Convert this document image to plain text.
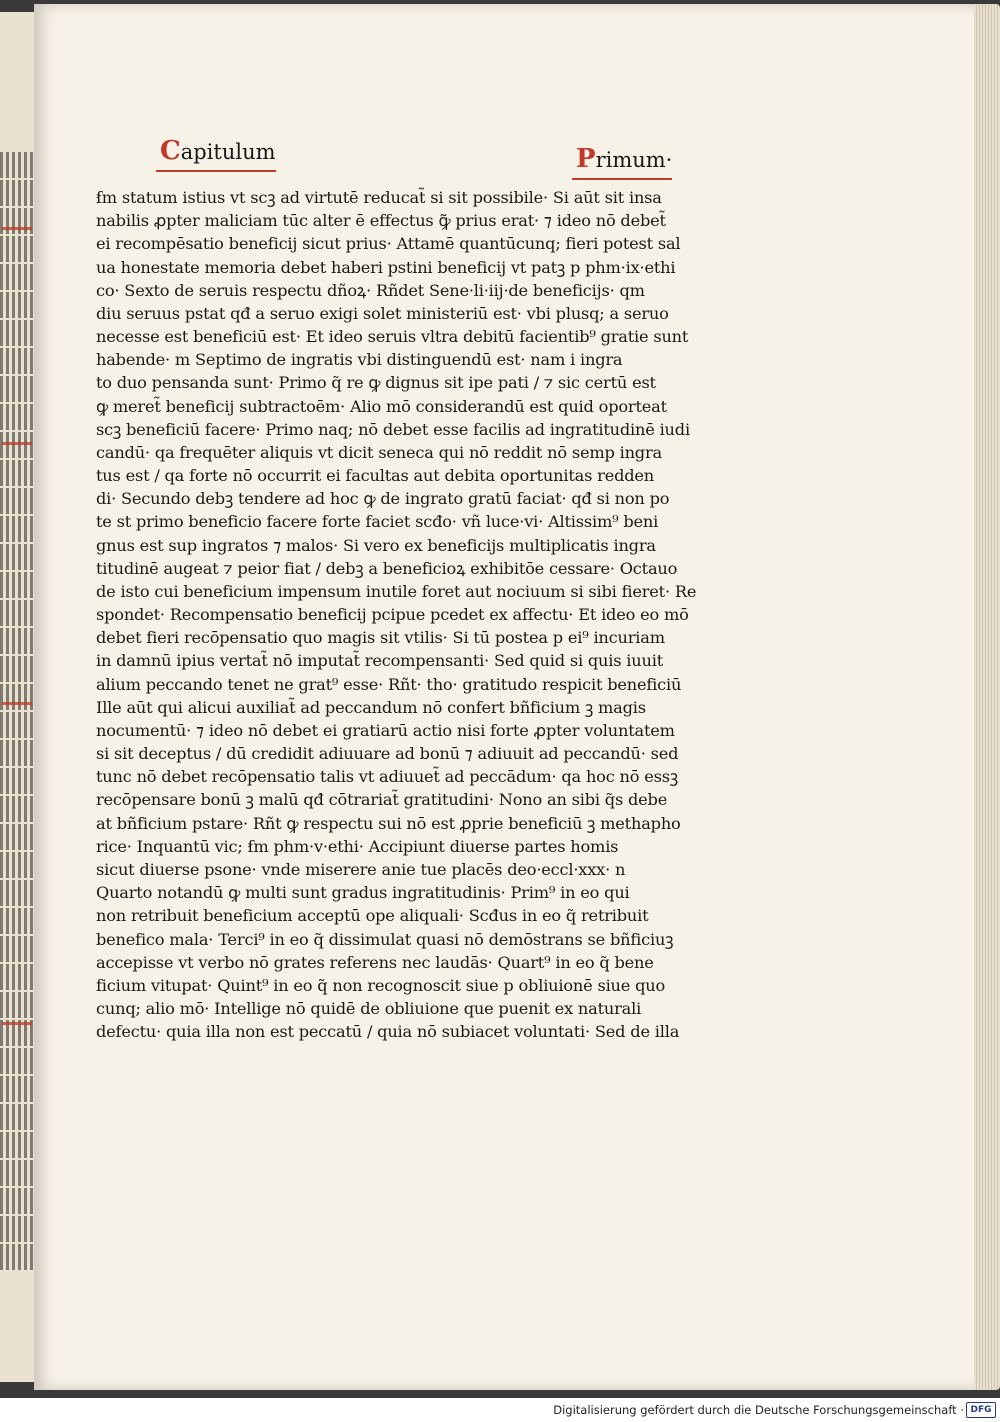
Capitulum	Primum·
ẜm statum istius vt scꝫ ad virtutē reducat̃ si sit possibile· Si aūt sit insa
nabilis ꝓpter maliciam tūc alter ē effectus ꝙ̃ prius erat· ⁊ ideo nō debet̃
ei recompēsatio beneficij sicut prius· Attamē quantūcunq; fieri potest sal
ua honestate memoria debet haberi pstini beneficij vt patꝫ p phm·ix·ethi
co· Sexto de seruis respectu dñoꝝ· Rñdet Sene·li·iij·de beneficijs· qm
diu seruus pstat qđ a seruo exigi solet ministeriū est· vbi plusq; a seruo
necesse est beneficiū est· Et ideo seruis vltra debitū facientib⁹ gratie sunt
habende· m Septimo de ingratis vbi distinguendū est· nam i ingra
to duo pensanda sunt· Primo q̃ re ꝙ dignus sit ipe pati / ⁊ sic certū est
ꝙ meret̃ beneficij subtractoēm· Alio mō considerandū est quid oporteat
scꝫ beneficiū facere· Primo naq; nō debet esse facilis ad ingratitudinē iudi
candū· qa frequēter aliquis vt dicit seneca qui nō reddit nō semp ingra
tus est / qa forte nō occurrit ei facultas aut debita oportunitas redden
di· Secundo debꝫ tendere ad hoc ꝙ de ingrato gratū faciat· qđ si non po
te st primo beneficio facere forte faciet scđo· vñ luce·vi· Altissim⁹ beni
gnus est sup ingratos ⁊ malos· Si vero ex beneficijs multiplicatis ingra
titudinē augeat ⁊ peior fiat / debꝫ a beneficioꝝ exhibitōe cessare· Octauo
de isto cui beneficium impensum inutile foret aut nociuum si sibi fieret· Re
spondet· Recompensatio beneficij pcipue pcedet ex affectu· Et ideo eo mō
debet fieri recōpensatio quo magis sit vtilis· Si tū postea p ei⁹ incuriam
in damnū ipius vertat̃ nō imputat̃ recompensanti· Sed quid si quis iuuit
alium peccando tenet ne grat⁹ esse· Rñt· tho· gratitudo respicit beneficiū
Ille aūt qui alicui auxiliat̃ ad peccandum nō confert bñficium ꝫ magis
nocumentū· ⁊ ideo nō debet ei gratiarū actio nisi forte ꝓpter voluntatem
si sit deceptus / dū credidit adiuuare ad bonū ⁊ adiuuit ad peccandū· sed
tunc nō debet recōpensatio talis vt adiuuet̃ ad peccādum· qa hoc nō essꝫ
recōpensare bonū ꝫ malū qđ cōtrariat̃ gratitudini· Nono an sibi q̃s debe
at bñficium pstare· Rñt ꝙ respectu sui nō est ꝓprie beneficiū ꝫ methapho
rice· Inquantū vic; ẜm phm·v·ethi· Accipiunt diuerse partes homis
sicut diuerse psone· vnde miserere anie tue placēs deo·eccl·xxx· n
Quarto notandū ꝙ multi sunt gradus ingratitudinis· Prim⁹ in eo qui
non retribuit beneficium acceptū ope aliquali· Scđus in eo q̃ retribuit
benefico mala· Terci⁹ in eo q̃ dissimulat quasi nō demōstrans se bñficiuꝫ
accepisse vt verbo nō grates referens nec laudās· Quart⁹ in eo q̃ bene
ficium vitupat· Quint⁹ in eo q̃ non recognoscit siue p obliuionē siue quo
cunq; alio mō· Intellige nō quidē de obliuione que puenit ex naturali
defectu· quia illa non est peccatū / quia nō subiacet voluntati· Sed de illa
Digitalisierung gefördert durch die Deutsche Forschungsgemeinschaft · DFG
